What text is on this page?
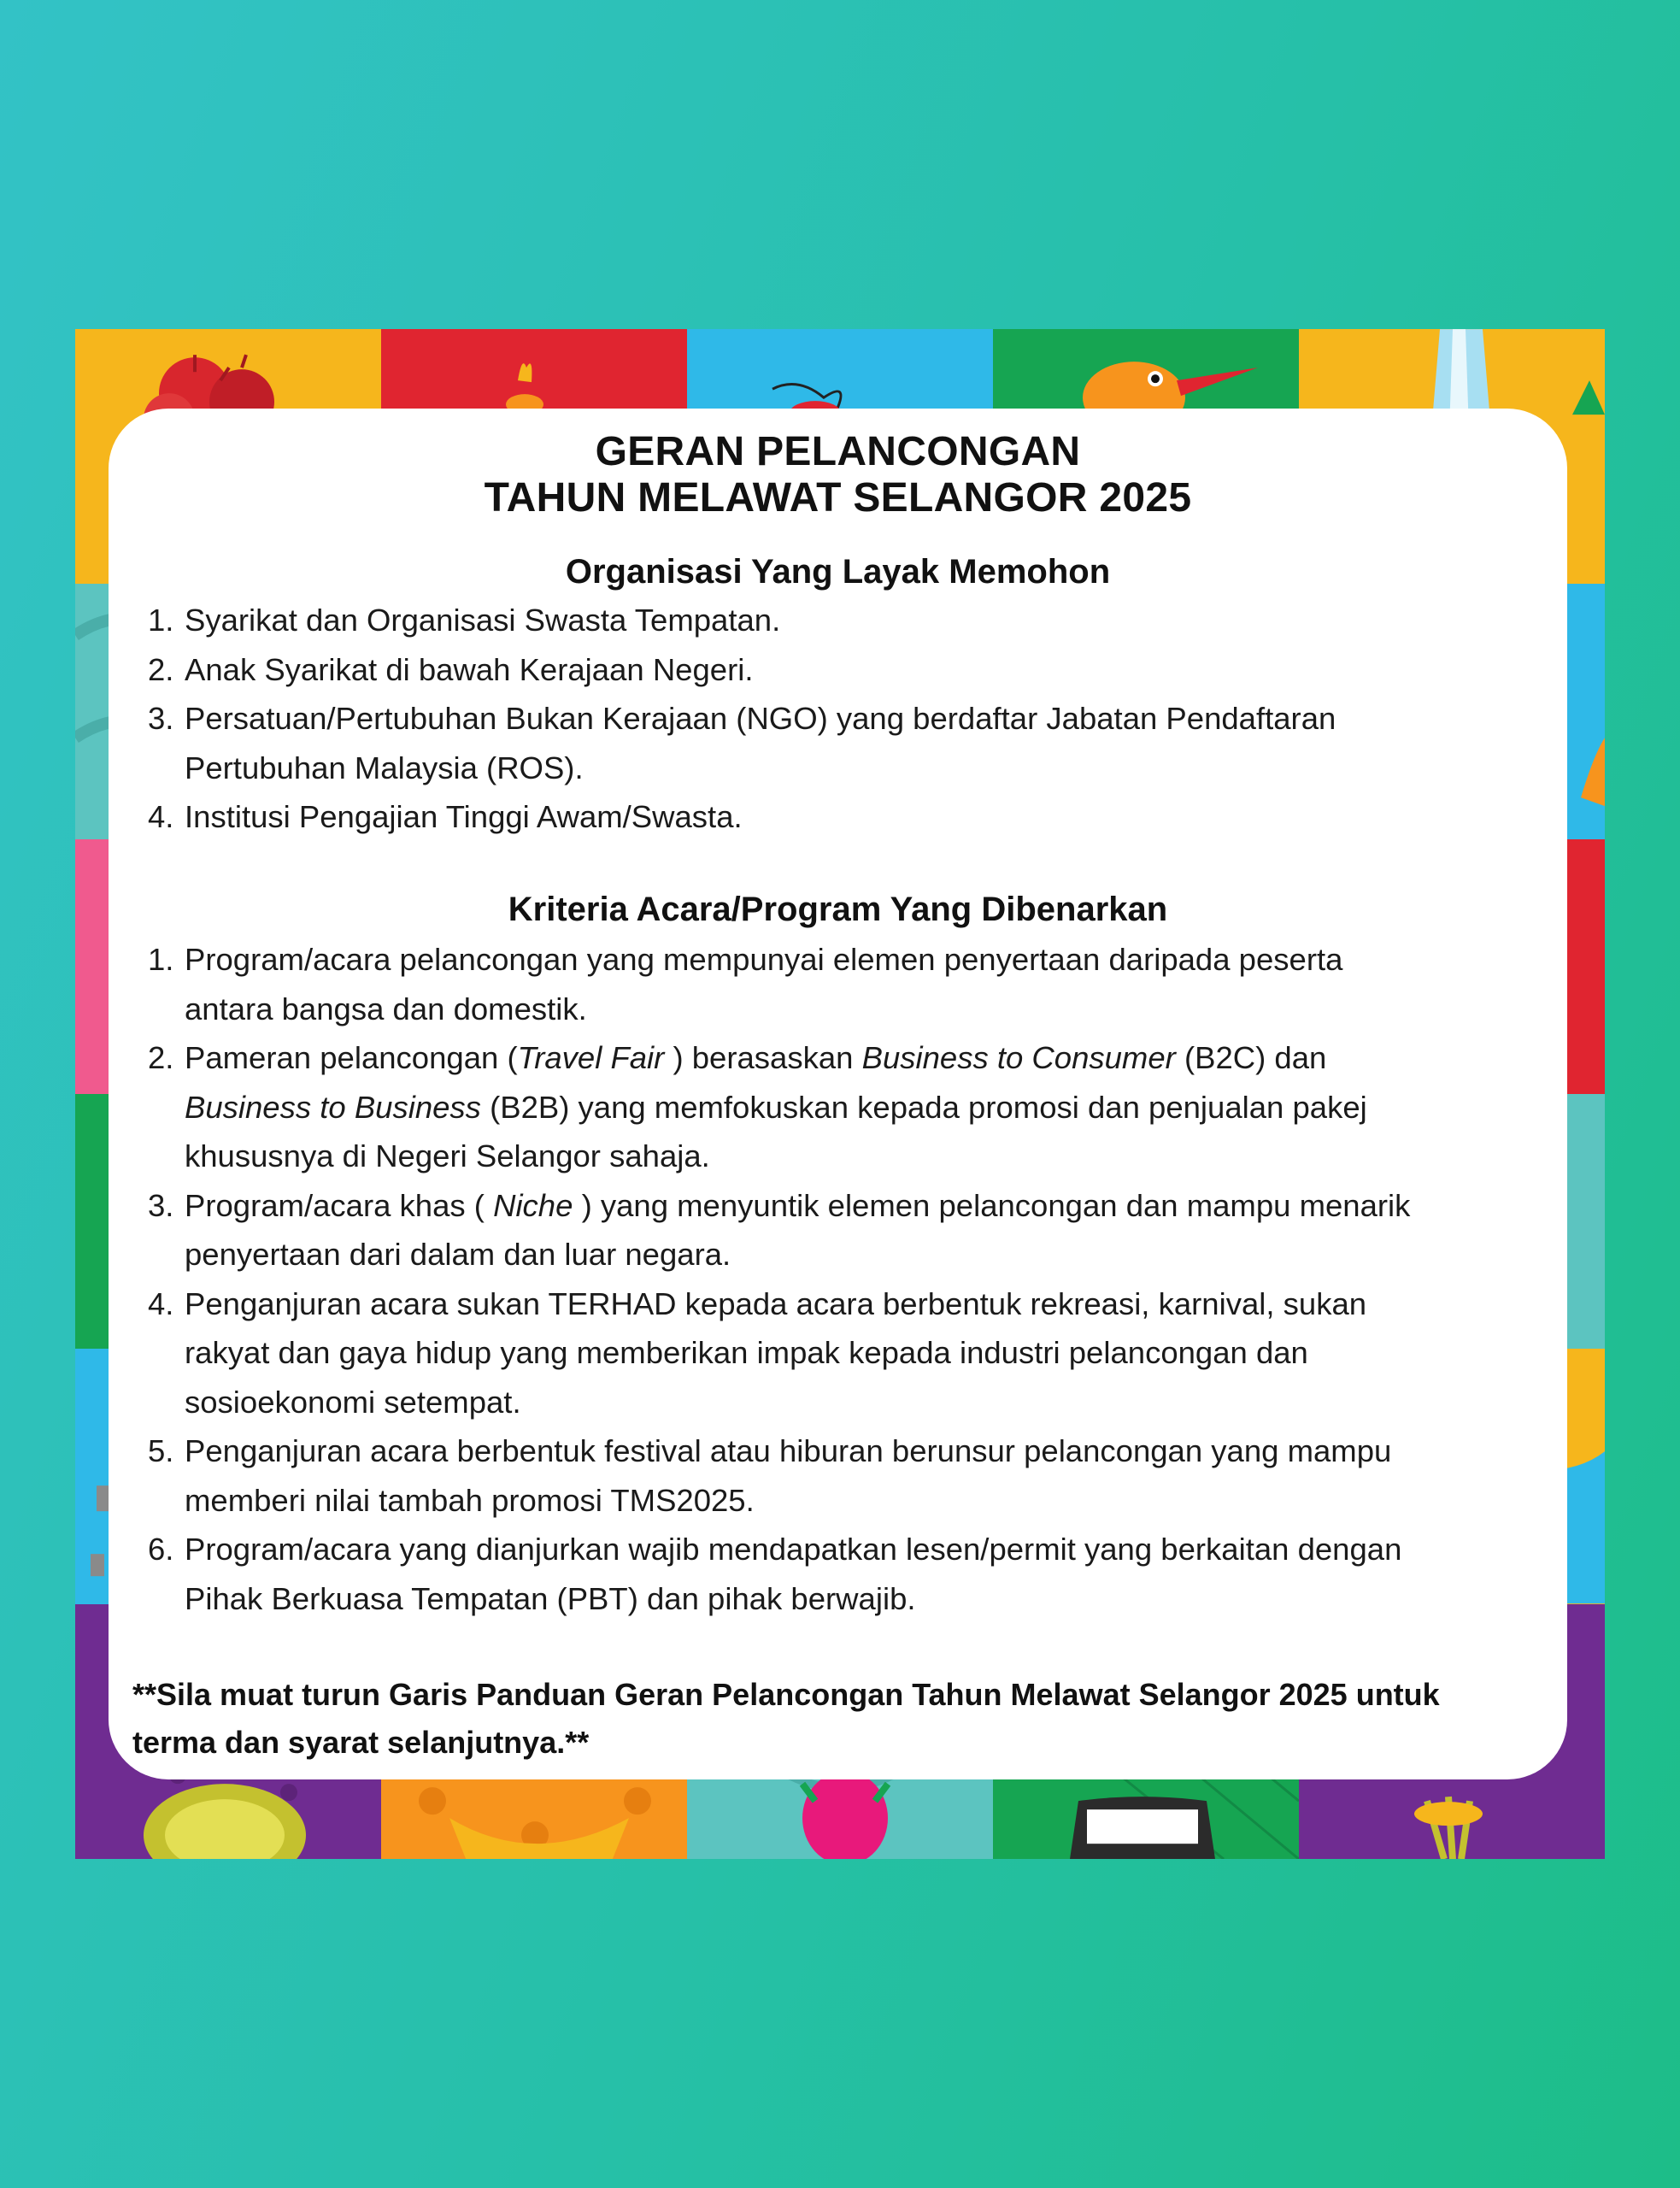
GERAN PELANCONGAN
TAHUN MELAWAT SELANGOR 2025
Organisasi Yang Layak Memohon
1. Syarikat dan Organisasi Swasta Tempatan.
2. Anak Syarikat di bawah Kerajaan Negeri.
3. Persatuan/Pertubuhan Bukan Kerajaan (NGO) yang berdaftar Jabatan Pendaftaran
Pertubuhan Malaysia (ROS).
4. Institusi Pengajian Tinggi Awam/Swasta.
Kriteria Acara/Program Yang Dibenarkan
1. Program/acara pelancongan yang mempunyai elemen penyertaan daripada peserta
antara bangsa dan domestik.
2. Pameran pelancongan (Travel Fair ) berasaskan Business to Consumer (B2C) dan
Business to Business (B2B) yang memfokuskan kepada promosi dan penjualan pakej
khususnya di Negeri Selangor sahaja.
3. Program/acara khas ( Niche ) yang menyuntik elemen pelancongan dan mampu menarik
penyertaan dari dalam dan luar negara.
4. Penganjuran acara sukan TERHAD kepada acara berbentuk rekreasi, karnival, sukan
rakyat dan gaya hidup yang memberikan impak kepada industri pelancongan dan
sosioekonomi setempat.
5. Penganjuran acara berbentuk festival atau hiburan berunsur pelancongan yang mampu
memberi nilai tambah promosi TMS2025.
6. Program/acara yang dianjurkan wajib mendapatkan lesen/permit yang berkaitan dengan
Pihak Berkuasa Tempatan (PBT) dan pihak berwajib.

**Sila muat turun Garis Panduan Geran Pelancongan Tahun Melawat Selangor 2025 untuk
terma dan syarat selanjutnya.**
